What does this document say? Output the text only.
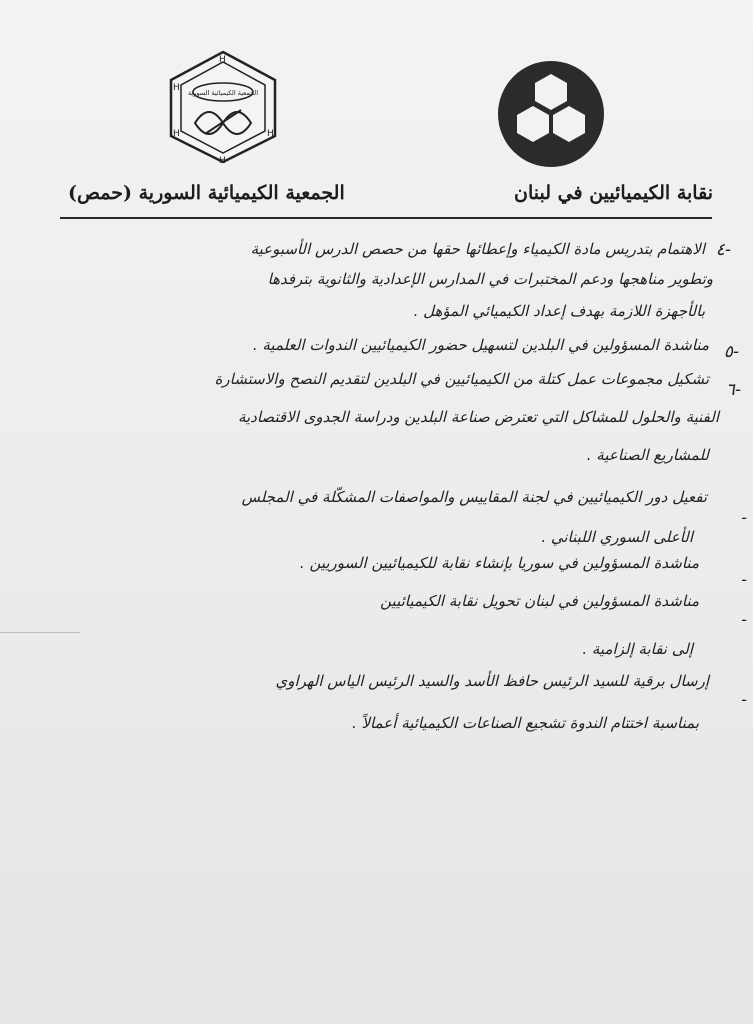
H
H
H
H
H
الجمعية الكيميائية السورية
نقابة الكيميائيين في لبنان
الجمعية الكيميائية السورية (حمص)
٤-
الاهتمام بتدريس مادة الكيمياء وإعطائها حقها من حصص الدرس الأسبوعية
وتطوير مناهجها ودعم المختبرات في المدارس الإعدادية والثانوية بترفدها
بالأجهزة اللازمة بهدف إعداد الكيميائي المؤهل .
٥-
مناشدة المسؤولين في البلدين لتسهيل حضور الكيميائيين الندوات العلمية .
٦-
تشكيل مجموعات عمل كتلة من الكيميائيين في البلدين لتقديم النصح والاستشارة
الفنية والحلول للمشاكل التي تعترض صناعة البلدين ودراسة الجدوى الاقتصادية
للمشاريع الصناعية .
-
تفعيل دور الكيميائيين في لجنة المقاييس والمواصفات المشكّلة في المجلس
الأعلى السوري اللبناني .
-
مناشدة المسؤولين في سوريا بإنشاء نقابة للكيميائيين السوريين .
-
مناشدة المسؤولين في لبنان تحويل نقابة الكيميائيين
إلى نقابة إلزامية .
-
إرسال برقية للسيد الرئيس حافظ الأسد والسيد الرئيس الياس الهراوي
بمناسبة اختتام الندوة تشجيع الصناعات الكيميائية أعمالاً .
